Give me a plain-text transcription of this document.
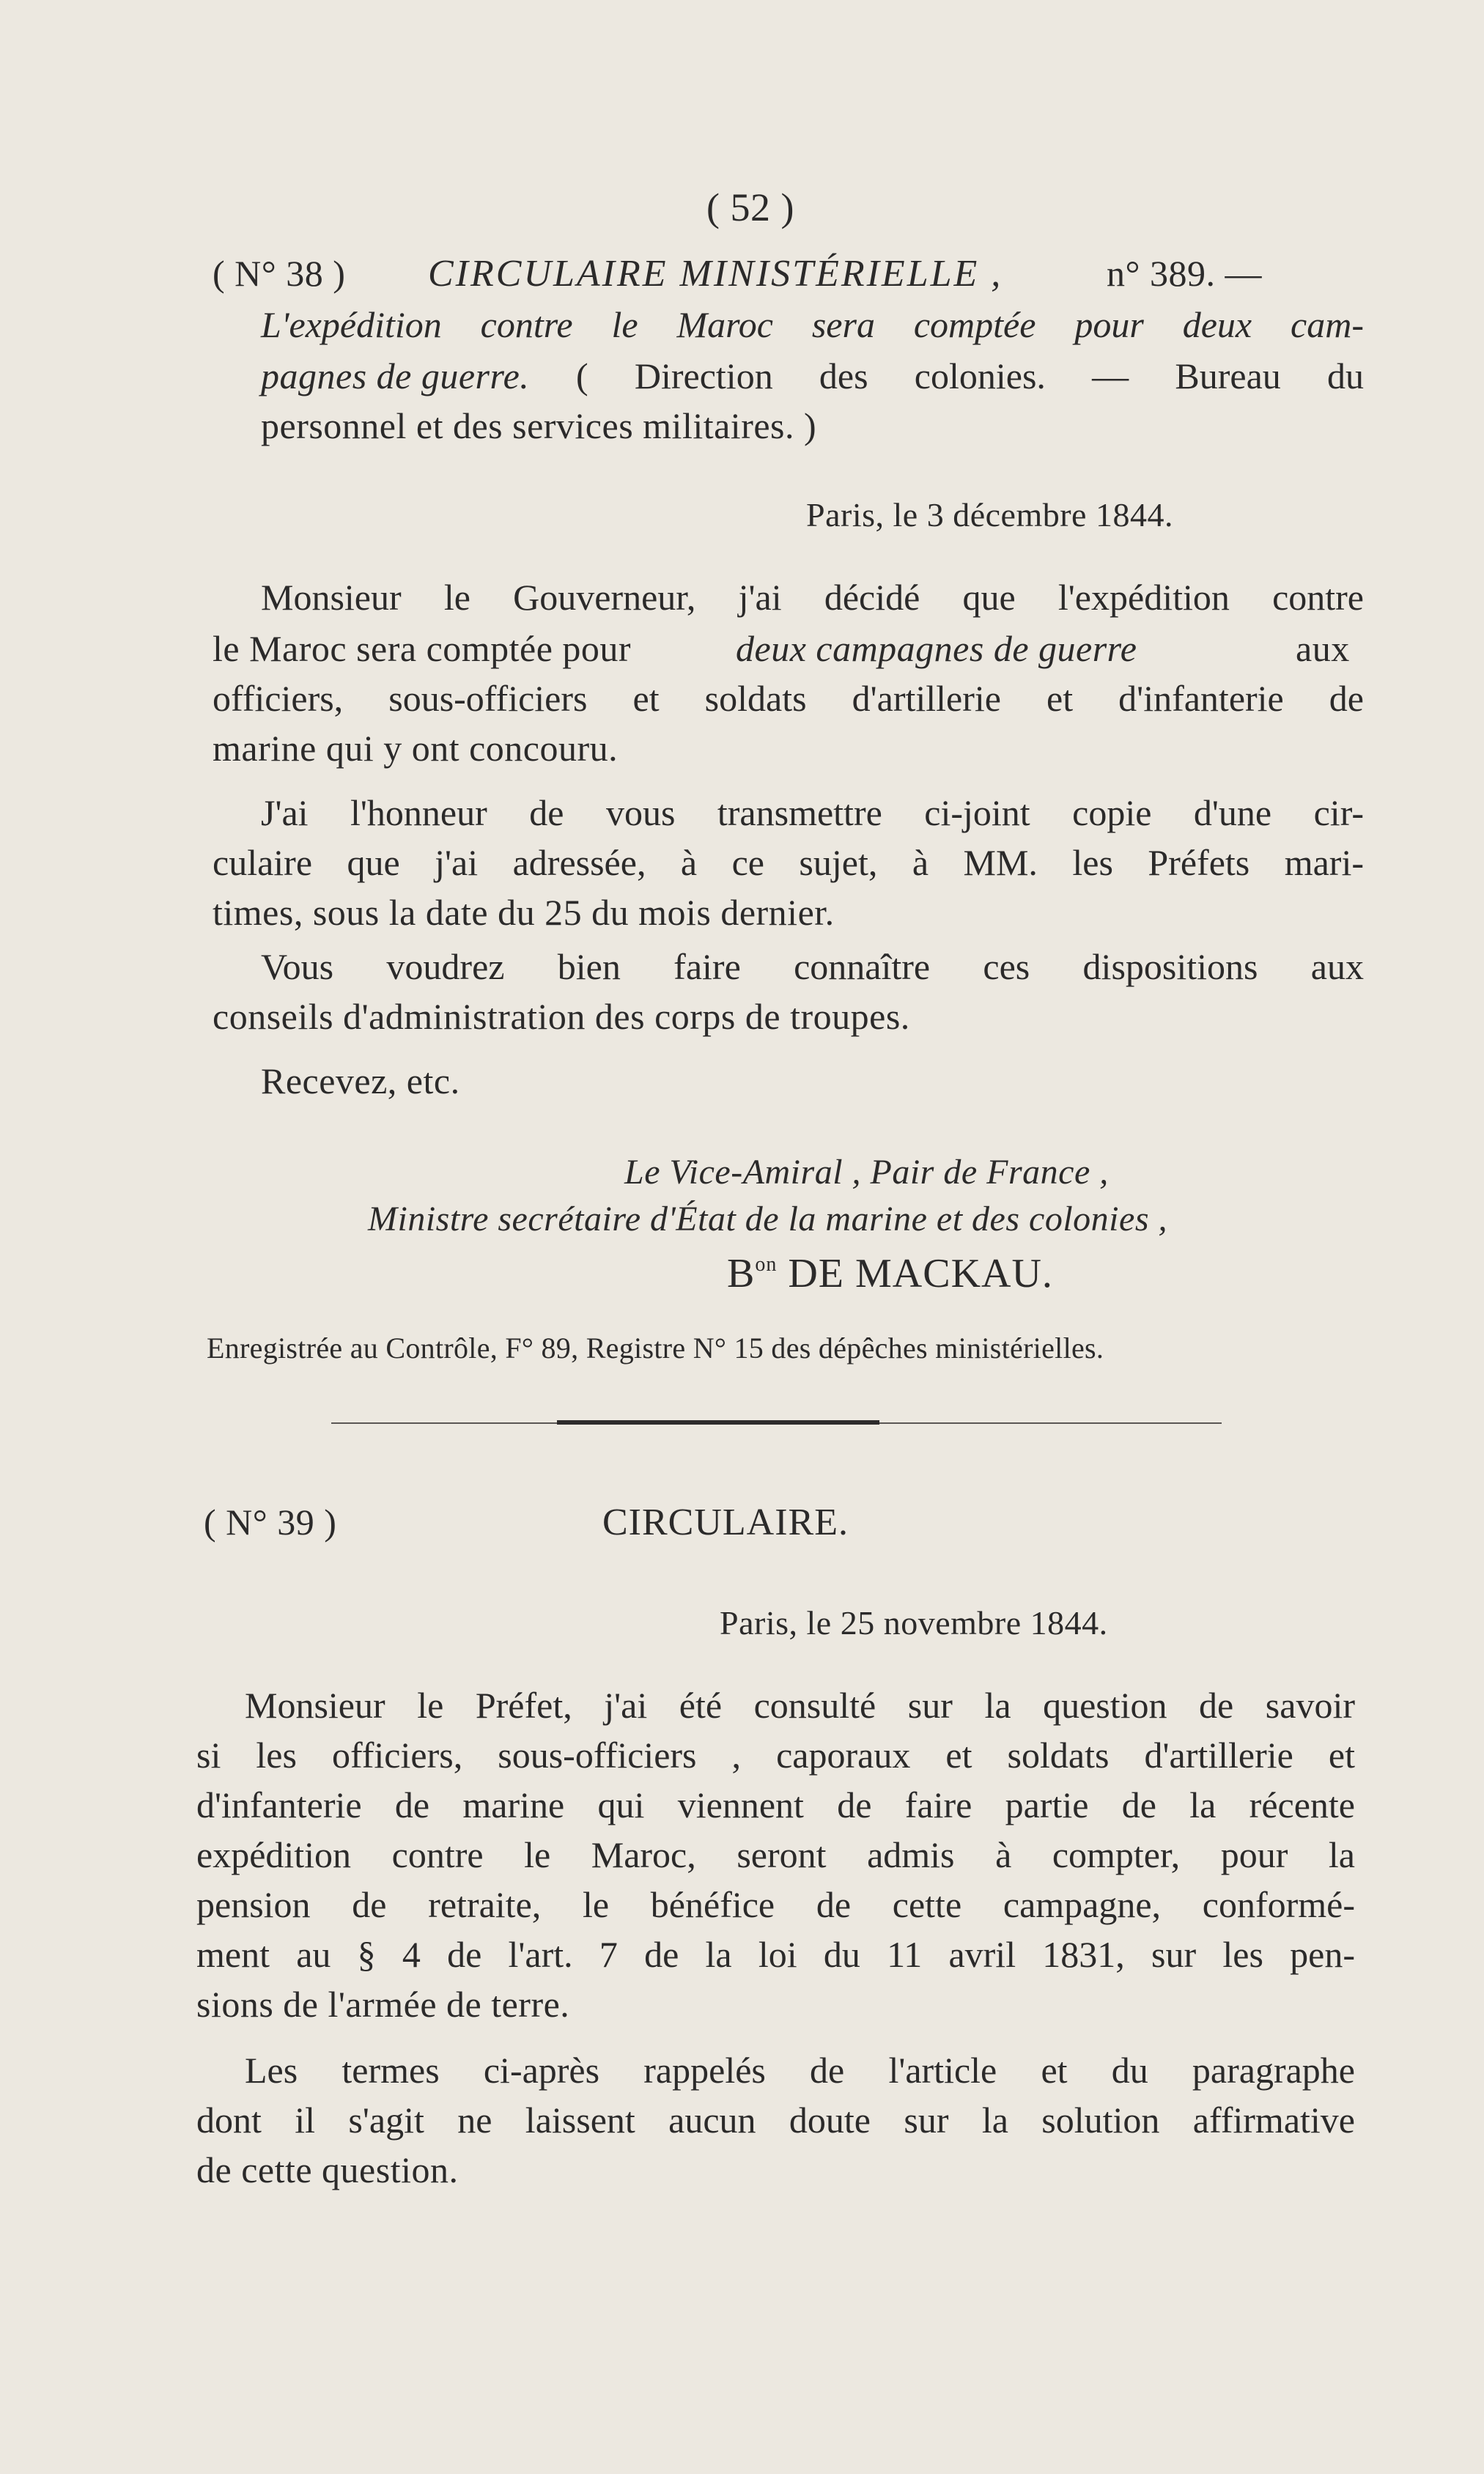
( 52 )
( N° 38 ) CIRCULAIRE MINISTÉRIELLE ,	n° 389. —
L'expédition contre le Maroc sera comptée pour deux cam-
pagnes de guerre. ( Direction des colonies. — Bureau du
personnel et des services militaires. )
Paris, le 3 décembre 1844.
Monsieur le Gouverneur, j'ai décidé que l'expédition contre
le Maroc sera comptée pour	deux campagnes de guerre	aux
officiers, sous-officiers et soldats d'artillerie et d'infanterie de
marine qui y ont concouru.
J'ai l'honneur de vous transmettre ci-joint copie d'une cir-
culaire que j'ai adressée, à ce sujet, à MM. les Préfets mari-
times, sous la date du 25 du mois dernier.
Vous voudrez bien faire connaître ces dispositions aux
conseils d'administration des corps de troupes.
Recevez, etc.
Le Vice-Amiral , Pair de France ,
Ministre secrétaire d'État de la marine et des colonies ,
$B^{on}$ DE MACKAU.
Enregistrée au Contrôle, F° 89, Registre N° 15 des dépêches ministérielles.
( N° 39 )	CIRCULAIRE.
Paris, le 25 novembre 1844.
Monsieur le Préfet, j'ai été consulté sur la question de savoir
si les officiers, sous-officiers , caporaux et soldats d'artillerie et
d'infanterie de marine qui viennent de faire partie de la récente
expédition contre le Maroc, seront admis à compter, pour la
pension de retraite, le bénéfice de cette campagne, conformé-
ment au § 4 de l'art. 7 de la loi du 11 avril 1831, sur les pen-
sions de l'armée de terre.
Les termes ci-après rappelés de l'article et du paragraphe
dont il s'agit ne laissent aucun doute sur la solution affirmative
de cette question.
